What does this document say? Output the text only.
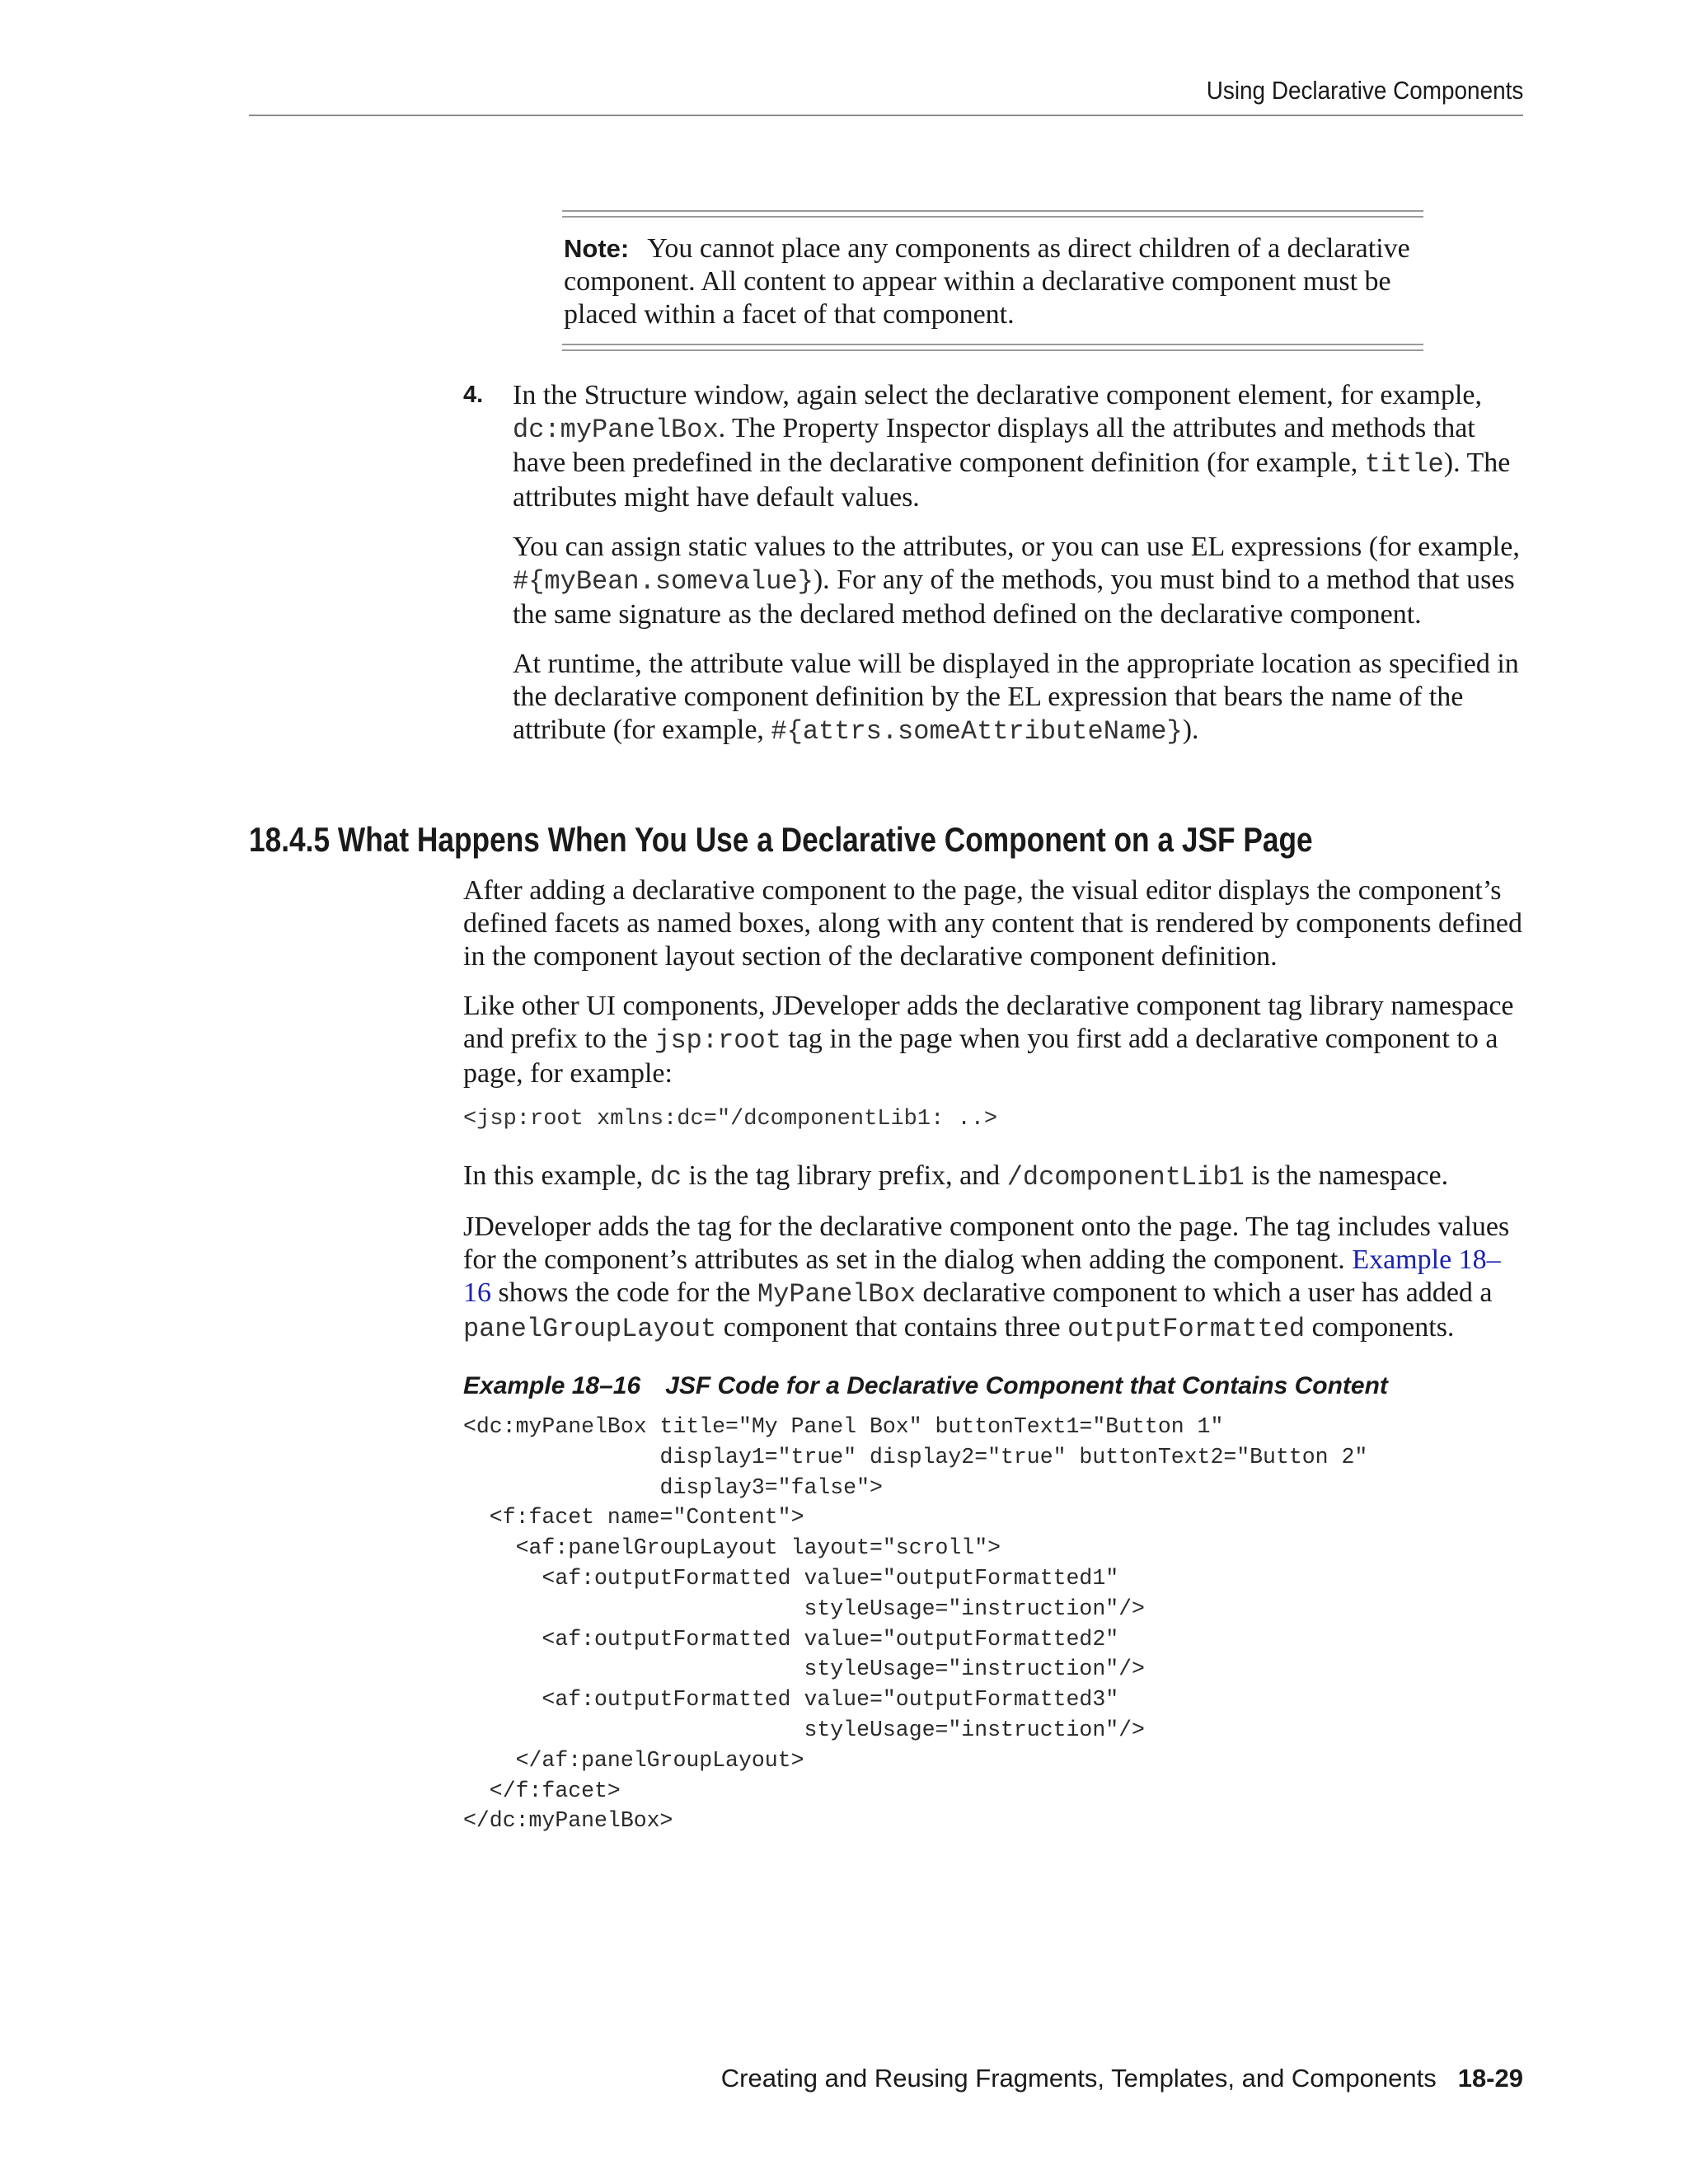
Using Declarative Components
Note: You cannot place any components as direct children of a declarative component. All content to appear within a declarative component must be placed within a facet of that component.
4. In the Structure window, again select the declarative component element, for example, dc:myPanelBox. The Property Inspector displays all the attributes and methods that have been predefined in the declarative component definition (for example, title). The attributes might have default values.

You can assign static values to the attributes, or you can use EL expressions (for example, #{myBean.somevalue}). For any of the methods, you must bind to a method that uses the same signature as the declared method defined on the declarative component.

At runtime, the attribute value will be displayed in the appropriate location as specified in the declarative component definition by the EL expression that bears the name of the attribute (for example, #{attrs.someAttributeName}).

18.4.5 What Happens When You Use a Declarative Component on a JSF Page

After adding a declarative component to the page, the visual editor displays the component’s defined facets as named boxes, along with any content that is rendered by components defined in the component layout section of the declarative component definition.

Like other UI components, JDeveloper adds the declarative component tag library namespace and prefix to the jsp:root tag in the page when you first add a declarative component to a page, for example:

<jsp:root xmlns:dc="/dcomponentLib1: ..>

In this example, dc is the tag library prefix, and /dcomponentLib1 is the namespace.

JDeveloper adds the tag for the declarative component onto the page. The tag includes values for the component’s attributes as set in the dialog when adding the component. Example 18–16 shows the code for the MyPanelBox declarative component to which a user has added a panelGroupLayout component that contains three outputFormatted components.

Example 18–16 JSF Code for a Declarative Component that Contains Content
<dc:myPanelBox title="My Panel Box" buttonText1="Button 1"
display1="true" display2="true" buttonText2="Button 2"
display3="false">
<f:facet name="Content">
<af:panelGroupLayout layout="scroll">
<af:outputFormatted value="outputFormatted1"
styleUsage="instruction"/>
<af:outputFormatted value="outputFormatted2"
styleUsage="instruction"/>
<af:outputFormatted value="outputFormatted3"
styleUsage="instruction"/>
</af:panelGroupLayout>
</f:facet>
</dc:myPanelBox>
Creating and Reusing Fragments, Templates, and Components 18-29
